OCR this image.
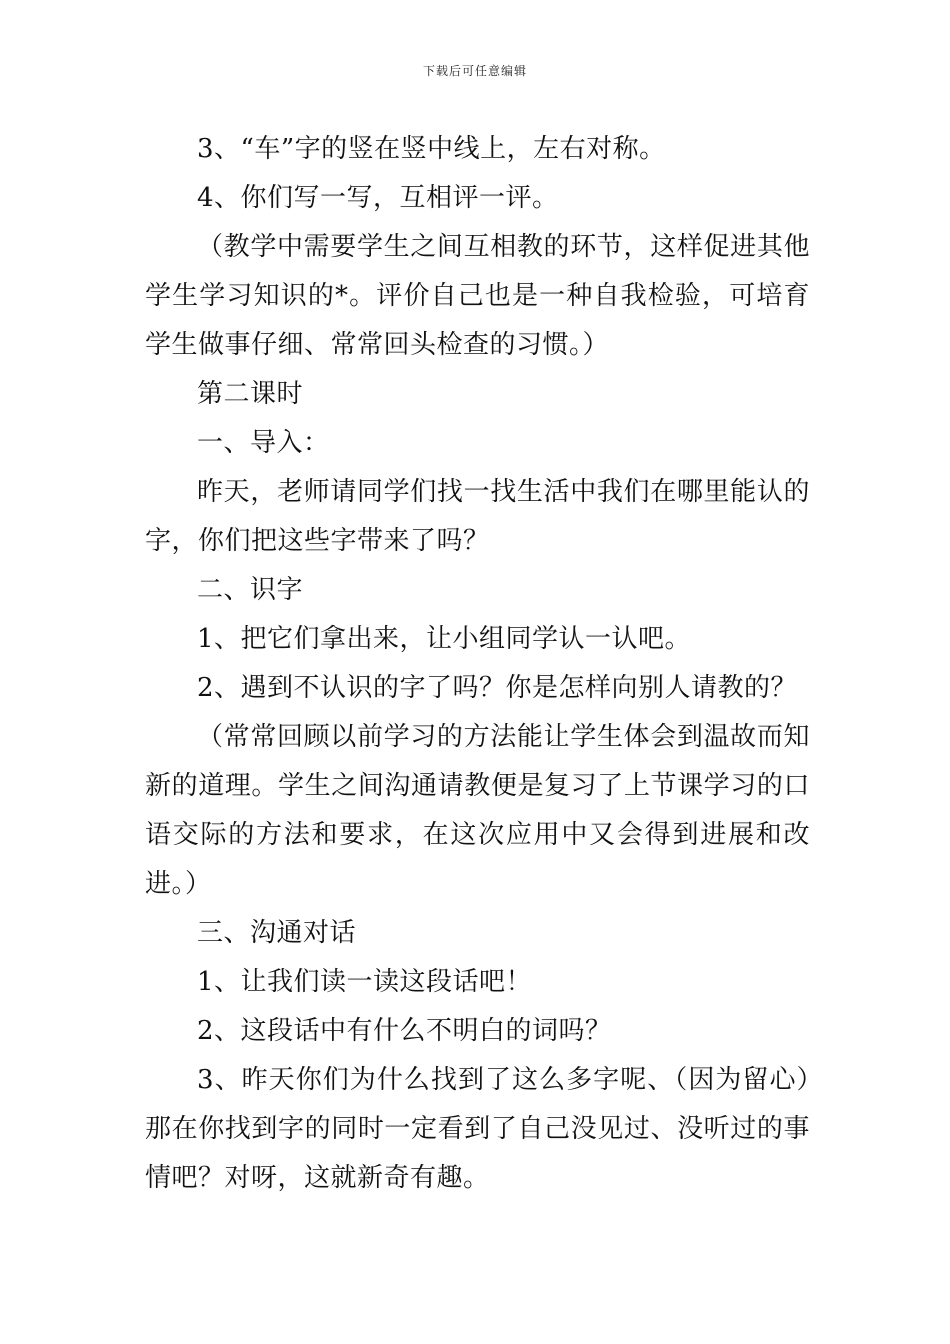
下载后可任意编辑

3、“车”字的竖在竖中线上，左右对称。

4、你们写一写，互相评一评。

（教学中需要学生之间互相教的环节，这样促进其他学生学习知识的*。评价自己也是一种自我检验，可培育学生做事仔细、常常回头检查的习惯。）

第二课时

一、导入：

昨天，老师请同学们找一找生活中我们在哪里能认的字，你们把这些字带来了吗？

二、识字

1、把它们拿出来，让小组同学认一认吧。

2、遇到不认识的字了吗？你是怎样向别人请教的？

（常常回顾以前学习的方法能让学生体会到温故而知新的道理。学生之间沟通请教便是复习了上节课学习的口语交际的方法和要求，在这次应用中又会得到进展和改进。）

三、沟通对话

1、让我们读一读这段话吧！

2、这段话中有什么不明白的词吗？

3、昨天你们为什么找到了这么多字呢、（因为留心）那在你找到字的同时一定看到了自己没见过、没听过的事情吧？对呀，这就新奇有趣。
